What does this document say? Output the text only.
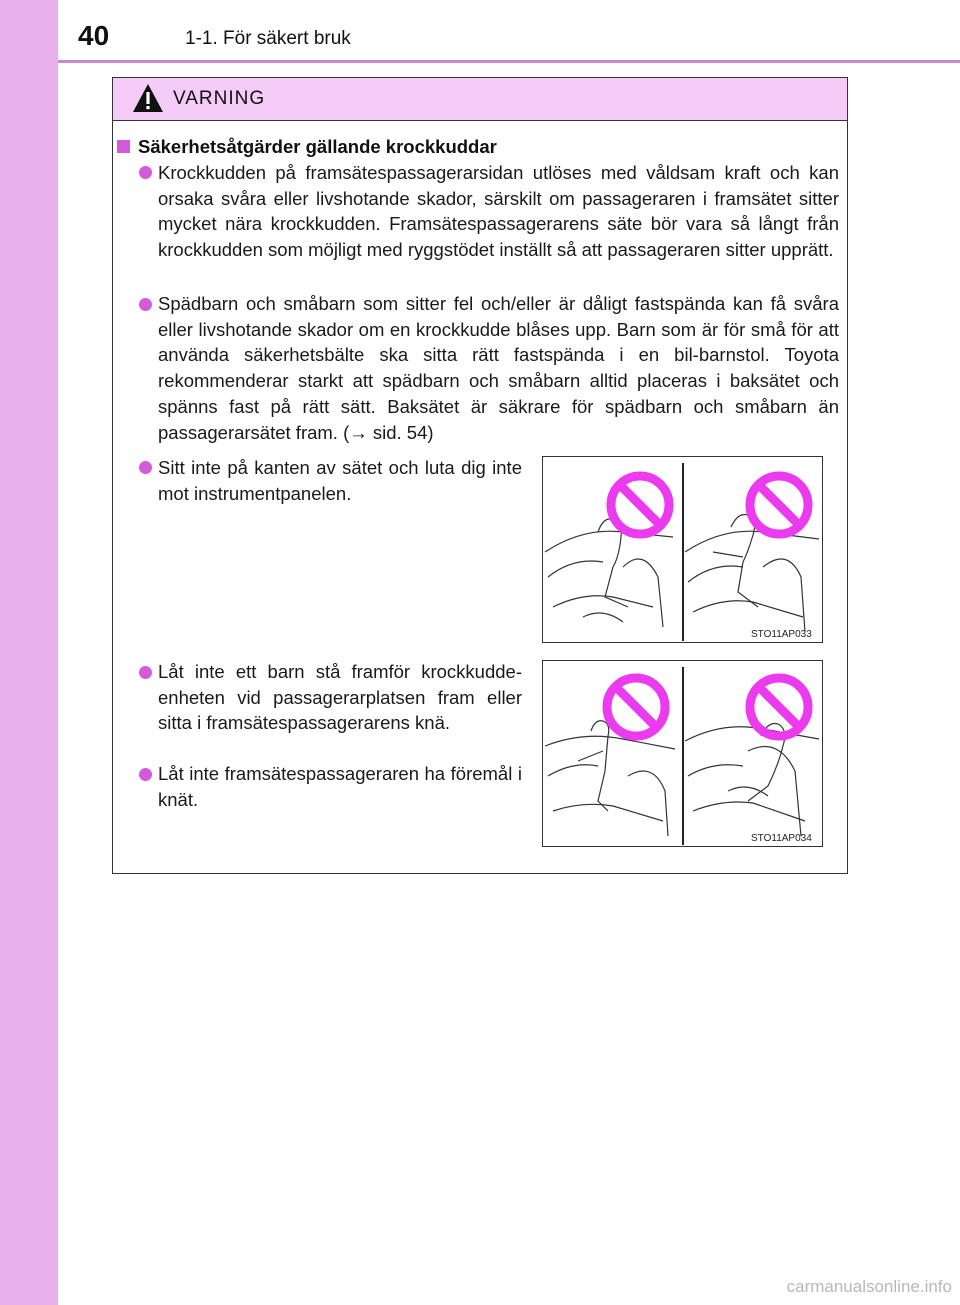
40	1-1. För säkert bruk
VARNING
Säkerhetsåtgärder gällande krockkuddar
Krockkudden på framsätespassagerarsidan utlöses med våldsam kraft och kan orsaka svåra eller livshotande skador, särskilt om passageraren i framsätet sitter mycket nära krockkudden. Framsätespassagerarens säte bör vara så långt från krockkudden som möjligt med ryggstödet inställt så att passageraren sitter upprätt.
Spädbarn och småbarn som sitter fel och/eller är dåligt fastspända kan få svåra eller livshotande skador om en krockkudde blåses upp. Barn som är för små för att använda säkerhetsbälte ska sitta rätt fastspända i en bil-barnstol. Toyota rekommenderar starkt att spädbarn och småbarn alltid placeras i baksätet och spänns fast på rätt sätt. Baksätet är säkrare för spädbarn och småbarn än passagerarsätet fram. (→ sid. 54)
Sitt inte på kanten av sätet och luta dig inte mot instrumentpanelen.
Låt inte ett barn stå framför krockkudde-enheten vid passagerarplatsen fram eller sitta i framsätespassagerarens knä.
Låt inte framsätespassageraren ha föremål i knät.
STO11AP033
STO11AP034
carmanualsonline.info
